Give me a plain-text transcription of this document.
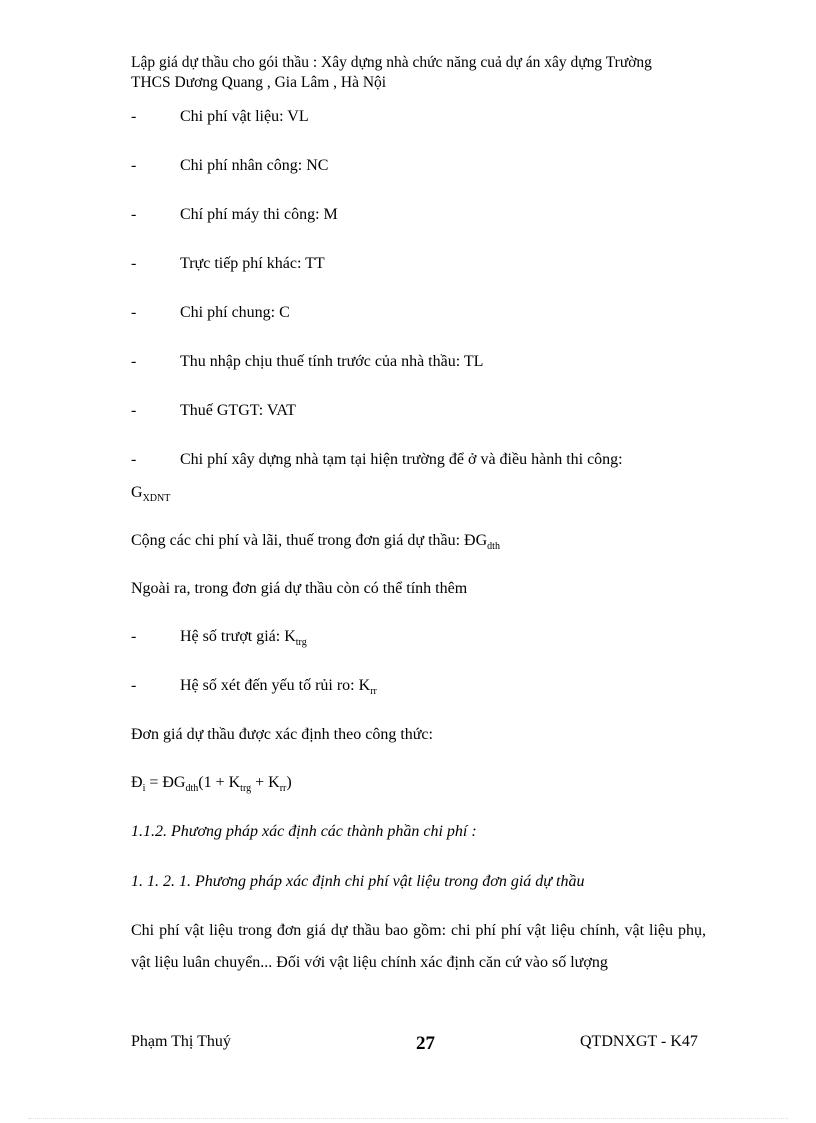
Lập giá dự thầu cho gói thầu : Xây dựng nhà chức năng cuả dự án xây dựng Trường THCS Dương Quang , Gia Lâm , Hà Nội
-	Chi phí vật liệu: VL
-	Chi phí nhân công: NC
-	Chí phí máy thi công: M
-	Trực tiếp phí khác: TT
-	Chi phí chung: C
-	Thu nhập chịu thuế tính trước của nhà thầu: TL
-	Thuế GTGT: VAT
-	Chi phí xây dựng nhà tạm tại hiện trường để ở và điều hành thi công:
$G_{XDNT}$
Cộng các chi phí và lãi, thuế trong đơn giá dự thầu: $ĐG_{dth}$
Ngoài ra, trong đơn giá dự thầu còn có thể tính thêm
-	Hệ số trượt giá: $K_{trg}$
-	Hệ số xét đến yếu tố rủi ro: $K_{rr}$
Đơn giá dự thầu được xác định theo công thức:
$Đ_i$ = $ĐG_{dth}(1 + K_{trg} + K_{rr})$
1.1.2. Phương pháp xác định các thành phần chi phí :
1. 1. 2. 1. Phương pháp xác định chi phí vật liệu trong đơn giá dự thầu
Chi phí vật liệu trong đơn giá dự thầu bao gồm: chi phí phí vật liệu chính, vật liệu phụ, vật liệu luân chuyển... Đối với vật liệu chính xác định căn cứ vào số lượng
Phạm Thị Thuý	27	QTDNXGT - K47
